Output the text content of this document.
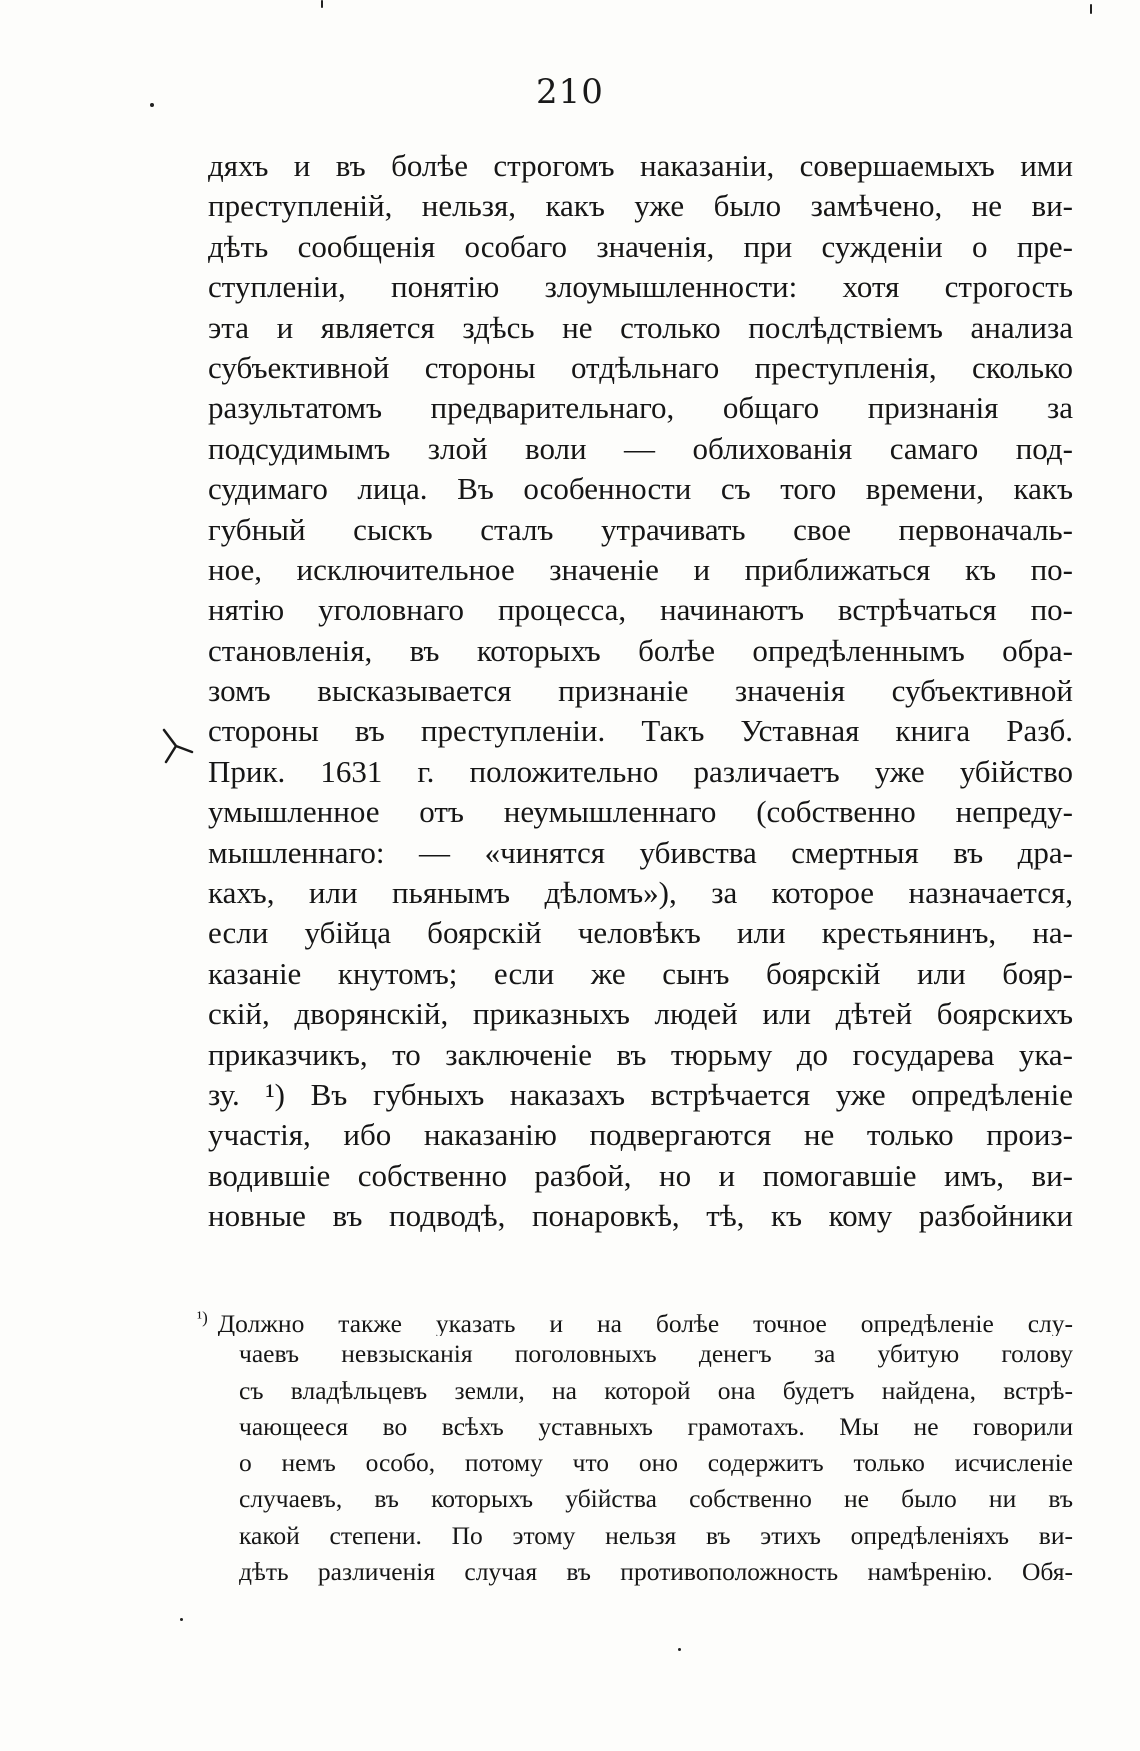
210
дяхъ и въ болѣе строгомъ наказаніи, совершаемыхъ ими
преступленій, нельзя, какъ уже было замѣчено, не ви-
дѣть сообщенія особаго значенія, при сужденіи о пре-
ступленіи, понятію злоумышленности: хотя строгость
эта и является здѣсь не столько послѣдствіемъ анализа
субъективной стороны отдѣльнаго преступленія, сколько
разультатомъ предварительнаго, общаго признанія за
подсудимымъ злой воли — облихованія самаго под-
судимаго лица. Въ особенности съ того времени, какъ
губный сыскъ сталъ утрачивать свое первоначаль-
ное, исключительное значеніе и приближаться къ по-
нятію уголовнаго процесса, начинаютъ встрѣчаться по-
становленія, въ которыхъ болѣе опредѣленнымъ обра-
зомъ высказывается признаніе значенія субъективной
стороны въ преступленіи. Такъ Уставная книга Разб.
Прик. 1631 г. положительно различаетъ уже убійство
умышленное отъ неумышленнаго (собственно непреду-
мышленнаго: — «чинятся убивства смертныя въ дра-
кахъ, или пьянымъ дѣломъ»), за которое назначается,
если убійца боярскій человѣкъ или крестьянинъ, на-
казаніе кнутомъ; если же сынъ боярскій или бояр-
скій, дворянскій, приказныхъ людей или дѣтей боярскихъ
приказчикъ, то заключеніе въ тюрьму до государева ука-
зу. ¹) Въ губныхъ наказахъ встрѣчается уже опредѣленіе
участія, ибо наказанію подвергаются не только произ-
водившіе собственно разбой, но и помогавшіе имъ, ви-
новные въ подводѣ, понаровкѣ, тѣ, къ кому разбойники
$^{^1)}$ Должно также указать и на болѣе точное опредѣленіе слу-
чаевъ невзысканія поголовныхъ денегъ за убитую голову
съ владѣльцевъ земли, на которой она будетъ найдена, встрѣ-
чающееся во всѣхъ уставныхъ грамотахъ. Мы не говорили
о немъ особо, потому что оно содержитъ только исчисленіе
случаевъ, въ которыхъ убійства собственно не было ни въ
какой степени. По этому нельзя въ этихъ опредѣленіяхъ ви-
дѣть различенія случая въ противоположность намѣренію. Обя-
